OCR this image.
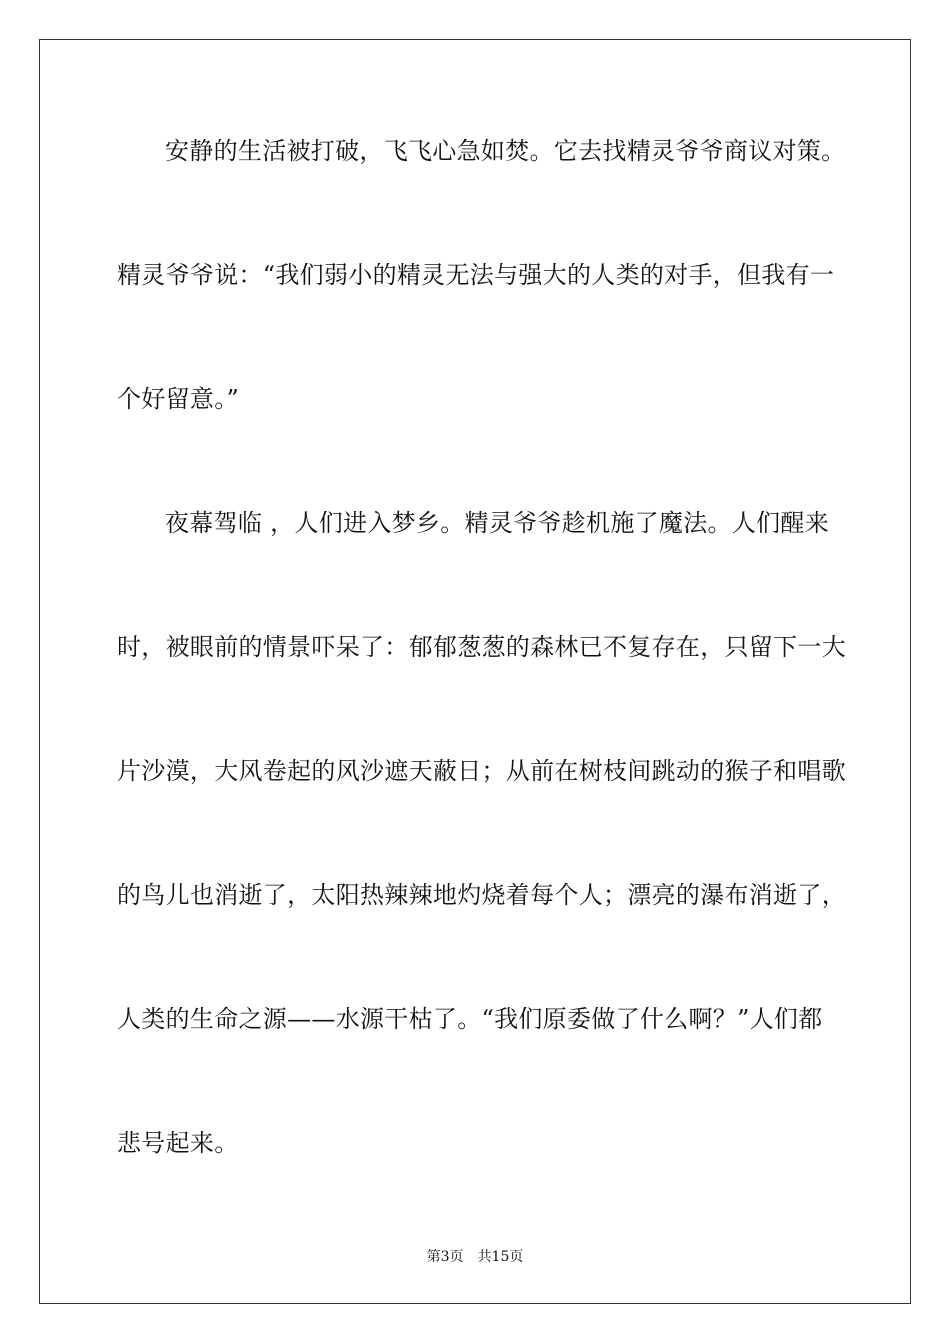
安静的生活被打破，飞飞心急如焚。它去找精灵爷爷商议对策。
精灵爷爷说：“我们弱小的精灵无法与强大的人类的对手，但我有一
个好留意。”
夜幕驾临 ，人们进入梦乡。精灵爷爷趁机施了魔法。人们醒来
时，被眼前的情景吓呆了：郁郁葱葱的森林已不复存在，只留下一大
片沙漠，大风卷起的风沙遮天蔽日；从前在树枝间跳动的猴子和唱歌
的鸟儿也消逝了，太阳热辣辣地灼烧着每个人；漂亮的瀑布消逝了，
人类的生命之源——水源干枯了。“我们原委做了什么啊？”人们都
悲号起来。
第3页 共15页
